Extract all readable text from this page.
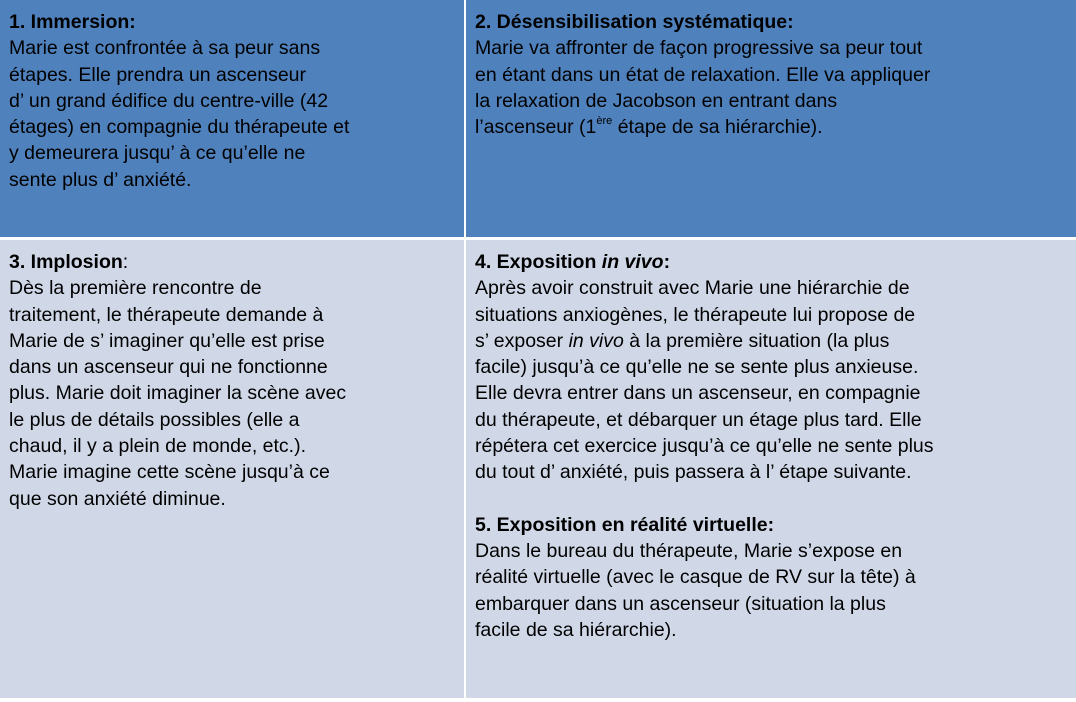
1. Immersion:
Marie est confrontée à sa peur sans
étapes. Elle prendra un ascenseur
d’ un grand édifice du centre-ville (42
étages) en compagnie du thérapeute et
y demeurera jusqu’ à ce qu’elle ne
sente plus d’ anxiété.
2. Désensibilisation systématique:
Marie va affronter de façon progressive sa peur tout
en étant dans un état de relaxation. Elle va appliquer
la relaxation de Jacobson en entrant dans
l’ascenseur (1ère étape de sa hiérarchie).
3. Implosion:
Dès la première rencontre de
traitement, le thérapeute demande à
Marie de s’ imaginer qu’elle est prise
dans un ascenseur qui ne fonctionne
plus. Marie doit imaginer la scène avec
le plus de détails possibles (elle a
chaud, il y a plein de monde, etc.).
Marie imagine cette scène jusqu’à ce
que son anxiété diminue.
4. Exposition in vivo:
Après avoir construit avec Marie une hiérarchie de
situations anxiogènes, le thérapeute lui propose de
s’ exposer in vivo à la première situation (la plus
facile) jusqu’à ce qu’elle ne se sente plus anxieuse.
Elle devra entrer dans un ascenseur, en compagnie
du thérapeute, et débarquer un étage plus tard. Elle
répétera cet exercice jusqu’à ce qu’elle ne sente plus
du tout d’ anxiété, puis passera à l’ étape suivante.
5. Exposition en réalité virtuelle:
Dans le bureau du thérapeute, Marie s’expose en
réalité virtuelle (avec le casque de RV sur la tête) à
embarquer dans un ascenseur (situation la plus
facile de sa hiérarchie).
